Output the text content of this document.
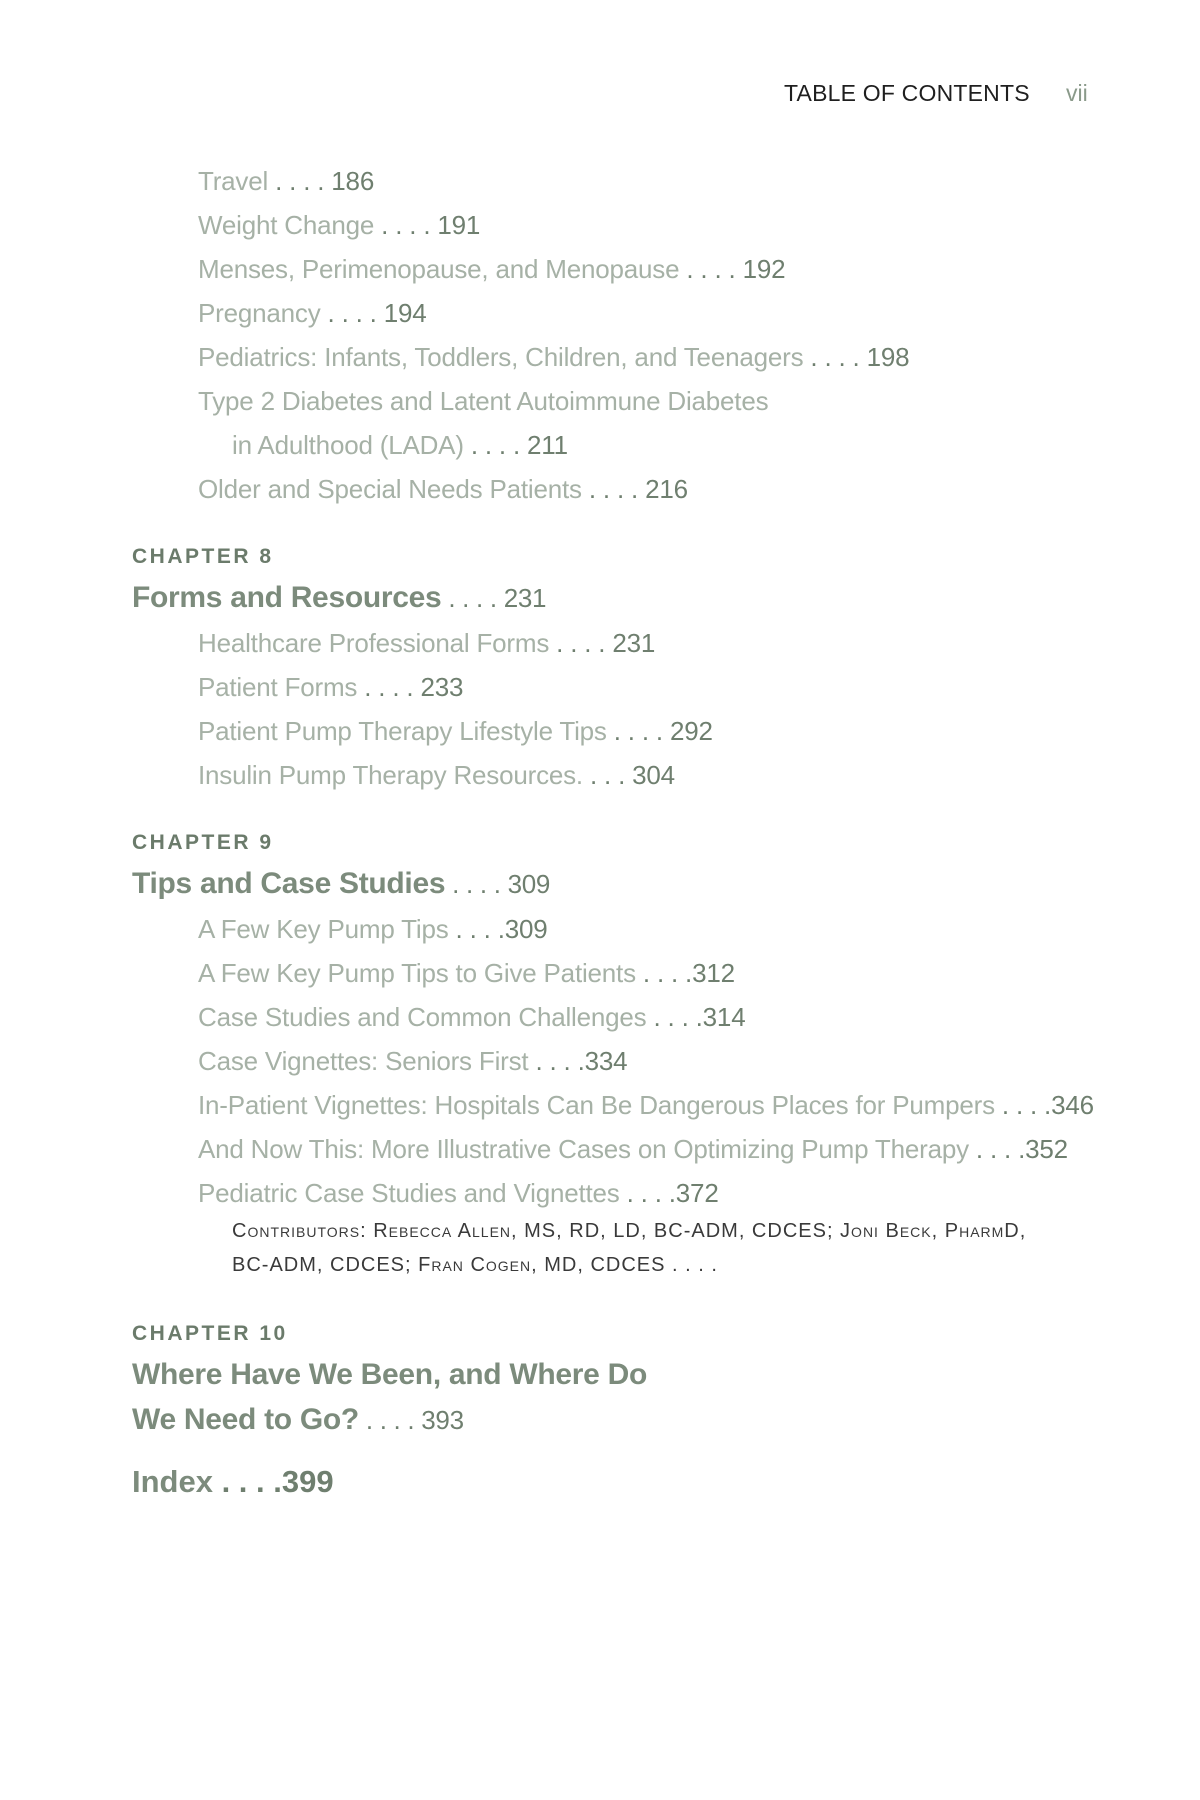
TABLE OF CONTENTS vii
Travel . . . . 186
Weight Change . . . . 191
Menses, Perimenopause, and Menopause . . . . 192
Pregnancy . . . . 194
Pediatrics: Infants, Toddlers, Children, and Teenagers . . . . 198
Type 2 Diabetes and Latent Autoimmune Diabetes
in Adulthood (LADA) . . . . 211
Older and Special Needs Patients . . . . 216
CHAPTER 8
Forms and Resources . . . . 231
Healthcare Professional Forms . . . . 231
Patient Forms . . . . 233
Patient Pump Therapy Lifestyle Tips . . . . 292
Insulin Pump Therapy Resources. . . . 304
CHAPTER 9
Tips and Case Studies . . . . 309
A Few Key Pump Tips . . . .309
A Few Key Pump Tips to Give Patients . . . .312
Case Studies and Common Challenges . . . .314
Case Vignettes: Seniors First . . . .334
In-Patient Vignettes: Hospitals Can Be Dangerous Places for Pumpers . . . .346
And Now This: More Illustrative Cases on Optimizing Pump Therapy . . . .352
Pediatric Case Studies and Vignettes . . . .372
Contributors: Rebecca Allen, MS, RD, LD, BC-ADM, CDCES; Joni Beck, PharmD,
BC-ADM, CDCES; Fran Cogen, MD, CDCES . . . .
CHAPTER 10
Where Have We Been, and Where Do
We Need to Go? . . . . 393
Index . . . .399
